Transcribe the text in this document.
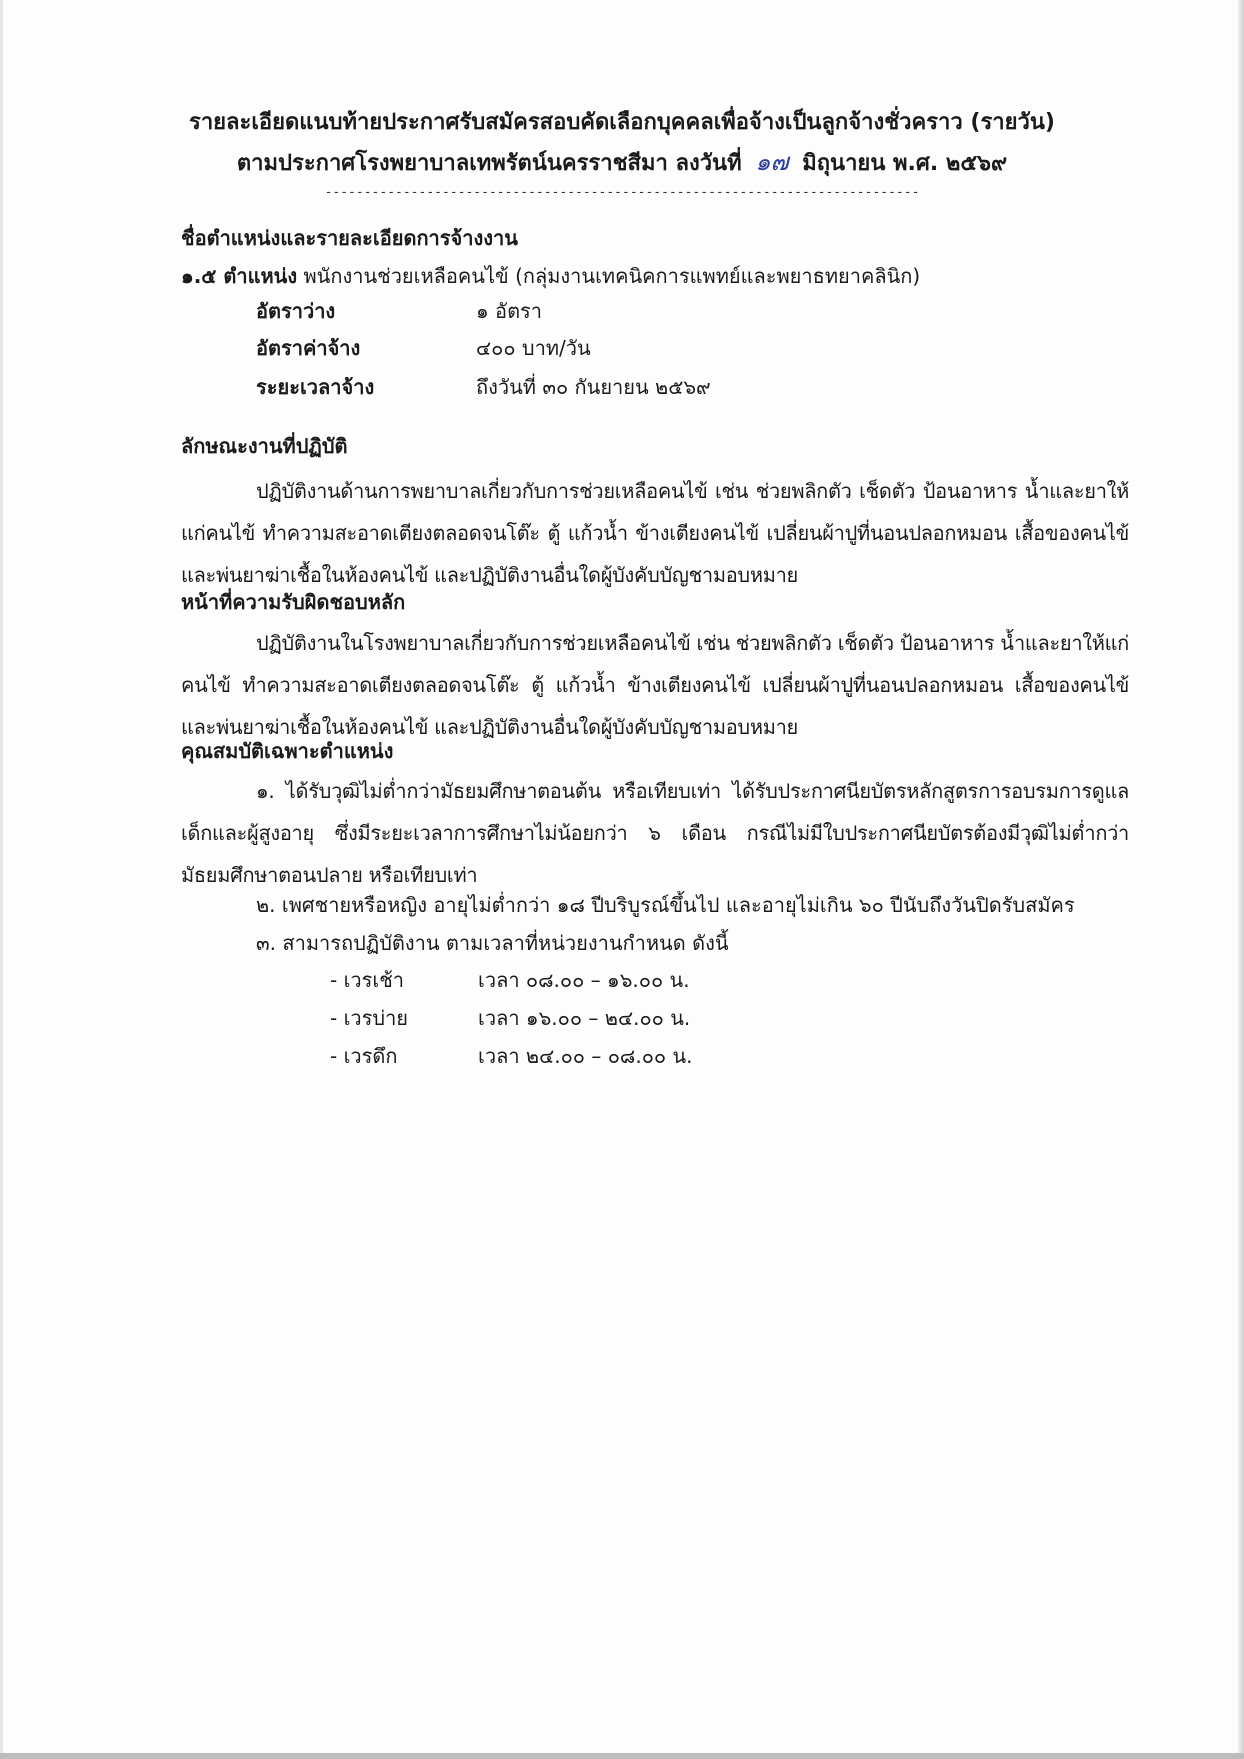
รายละเอียดแนบท้ายประกาศรับสมัครสอบคัดเลือกบุคคลเพื่อจ้างเป็นลูกจ้างชั่วคราว (รายวัน)
ตามประกาศโรงพยาบาลเทพรัตน์นครราชสีมา ลงวันที่ ๑๗ มิถุนายน พ.ศ. ๒๕๖๙
----------------------------------------------------------------------------
ชื่อตำแหน่งและรายละเอียดการจ้างงาน
๑.๕ ตำแหน่ง พนักงานช่วยเหลือคนไข้ (กลุ่มงานเทคนิคการแพทย์และพยาธทยาคลินิก)
อัตราว่าง	๑ อัตรา
อัตราค่าจ้าง	๔๐๐ บาท/วัน
ระยะเวลาจ้าง	ถึงวันที่ ๓๐ กันยายน ๒๕๖๙
ลักษณะงานที่ปฏิบัติ
ปฏิบัติงานด้านการพยาบาลเกี่ยวกับการช่วยเหลือคนไข้ เช่น ช่วยพลิกตัว เช็ดตัว ป้อนอาหาร น้ำและยาให้แก่คนไข้ ทำความสะอาดเตียงตลอดจนโต๊ะ ตู้ แก้วน้ำ ข้างเตียงคนไข้ เปลี่ยนผ้าปูที่นอนปลอกหมอน เสื้อของคนไข้ และพ่นยาฆ่าเชื้อในห้องคนไข้ และปฏิบัติงานอื่นใดผู้บังคับบัญชามอบหมาย
หน้าที่ความรับผิดชอบหลัก
ปฏิบัติงานในโรงพยาบาลเกี่ยวกับการช่วยเหลือคนไข้ เช่น ช่วยพลิกตัว เช็ดตัว ป้อนอาหาร น้ำและยาให้แก่คนไข้ ทำความสะอาดเตียงตลอดจนโต๊ะ ตู้ แก้วน้ำ ข้างเตียงคนไข้ เปลี่ยนผ้าปูที่นอนปลอกหมอน เสื้อของคนไข้ และพ่นยาฆ่าเชื้อในห้องคนไข้ และปฏิบัติงานอื่นใดผู้บังคับบัญชามอบหมาย
คุณสมบัติเฉพาะตำแหน่ง
๑. ได้รับวุฒิไม่ต่ำกว่ามัธยมศึกษาตอนต้น หรือเทียบเท่า ได้รับประกาศนียบัตรหลักสูตรการอบรมการดูแลเด็กและผู้สูงอายุ ซึ่งมีระยะเวลาการศึกษาไม่น้อยกว่า ๖ เดือน กรณีไม่มีใบประกาศนียบัตรต้องมีวุฒิไม่ต่ำกว่ามัธยมศึกษาตอนปลาย หรือเทียบเท่า
๒. เพศชายหรือหญิง อายุไม่ต่ำกว่า ๑๘ ปีบริบูรณ์ขึ้นไป และอายุไม่เกิน ๖๐ ปีนับถึงวันปิดรับสมัคร
๓. สามารถปฏิบัติงาน ตามเวลาที่หน่วยงานกำหนด ดังนี้
- เวรเช้า	เวลา ๐๘.๐๐ – ๑๖.๐๐ น.
- เวรบ่าย	เวลา ๑๖.๐๐ – ๒๔.๐๐ น.
- เวรดึก	เวลา ๒๔.๐๐ – ๐๘.๐๐ น.
